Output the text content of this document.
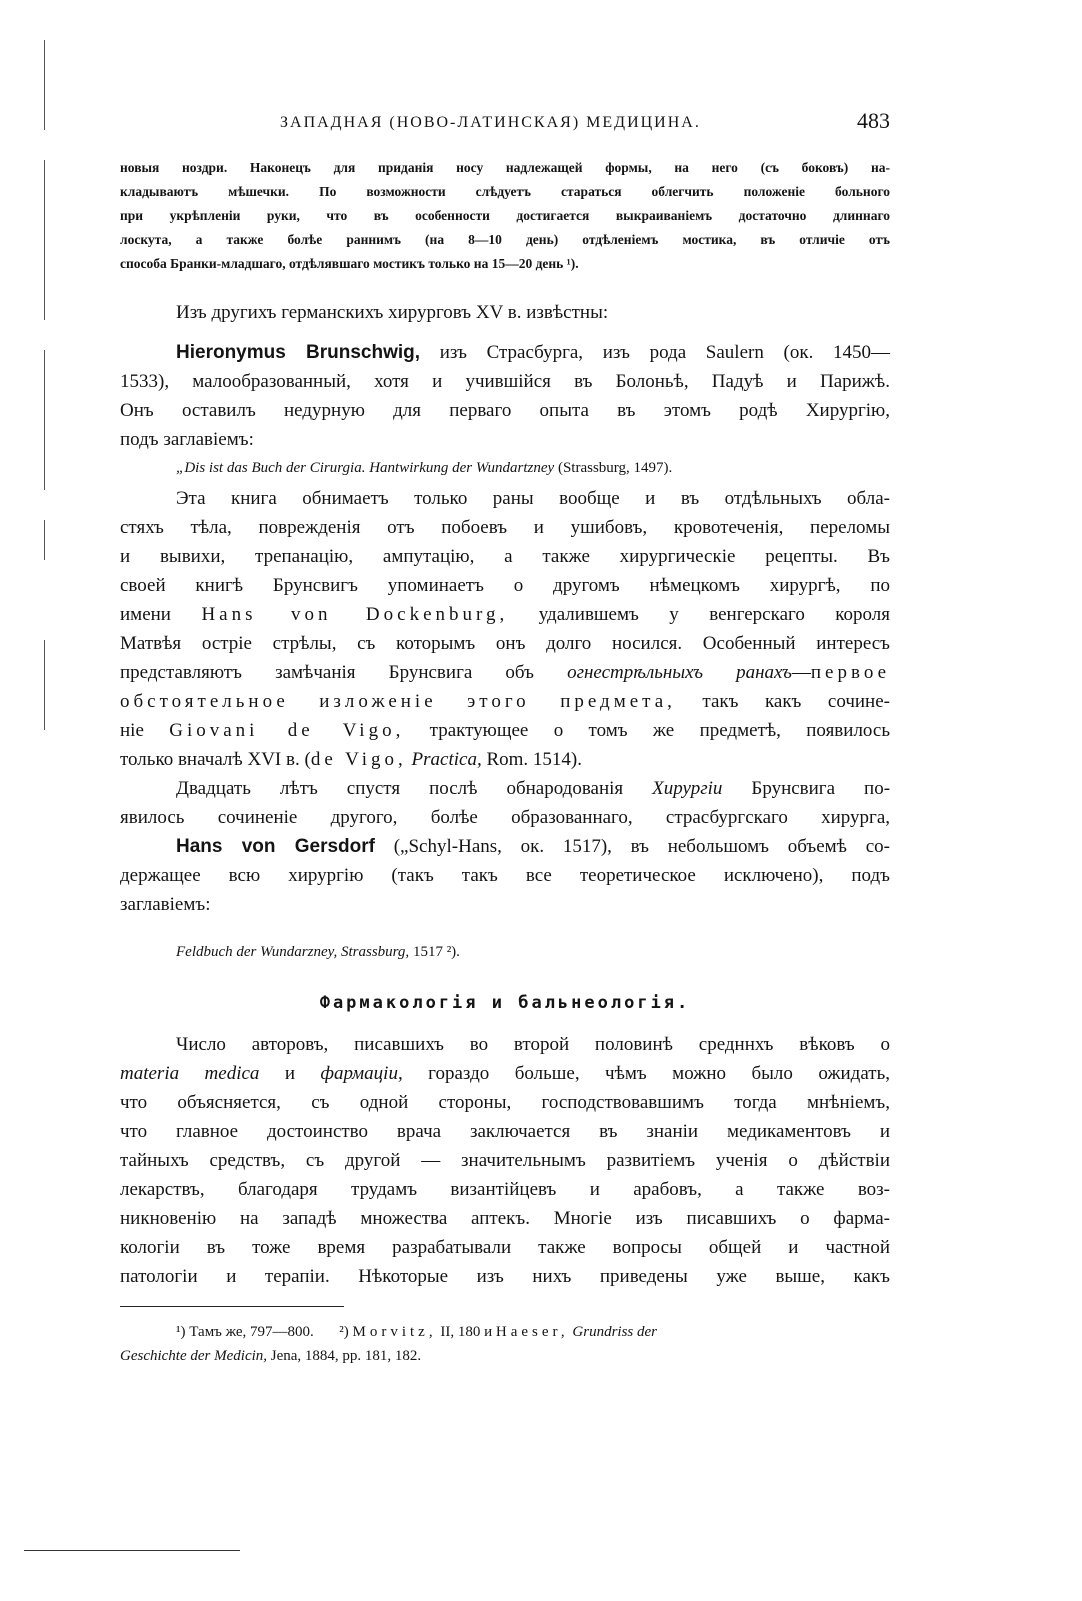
ЗАПАДНАЯ (НОВО-ЛАТИНСКАЯ) МЕДИЦИНА.	483
новыя ноздри. Наконецъ для приданія носу надлежащей формы, на него (съ боковъ) на-
кладываютъ мѣшечки. По возможности слѣдуетъ стараться облегчить положеніе больного
при укрѣпленіи руки, что въ особенности достигается выкраиваніемъ достаточно длиннаго
лоскута, а также болѣе раннимъ (на 8—10 день) отдѣленіемъ мостика, въ отличіе отъ
способа Бранки-младшаго, отдѣлявшаго мостикъ только на 15—20 день ¹).
Изъ другихъ германскихъ хирурговъ XV в. извѣстны:
Hieronymus Brunschwig, изъ Страсбурга, изъ рода Saulern (ок. 1450—
1533), малообразованный, хотя и учившійся въ Болоньѣ, Падуѣ и Парижѣ.
Онъ оставилъ недурную для перваго опыта въ этомъ родѣ Хирургію,
подъ заглавіемъ:
„Dis ist das Buch der Cirurgia. Hantwirkung der Wundartzney (Strassburg, 1497).
Эта книга обнимаетъ только раны вообще и въ отдѣльныхъ обла-
стяхъ тѣла, поврежденія отъ побоевъ и ушибовъ, кровотеченія, переломы
и вывихи, трепанацію, ампутацію, а также хирургическіе рецепты. Въ
своей книгѣ Брунсвигъ упоминаетъ о другомъ нѣмецкомъ хирургѣ, по
имени Hans von Dockenburg, удалившемъ у венгерскаго короля
Матвѣя остріе стрѣлы, съ которымъ онъ долго носился. Особенный интересъ
представляютъ замѣчанія Брунсвига объ огнестрѣльныхъ ранахъ—первое
обстоятельное изложеніе этого предмета, такъ какъ сочине-
ніе Giovani de Vigo, трактующее о томъ же предметѣ, появилось
только вначалѣ XVI в. (de Vigo, Practica, Rom. 1514).
Двадцать лѣтъ спустя послѣ обнародованія Хирургіи Брунсвига по-
явилось сочиненіе другого, болѣе образованнаго, страсбургскаго хирурга,
Hans von Gersdorf („Schyl-Hans, ок. 1517), въ небольшомъ объемѣ со-
держащее всю хирургію (такъ такъ все теоретическое исключено), подъ
заглавіемъ:
Feldbuch der Wundarzney, Strassburg, 1517 ²).
Фармакологія и бальнеологія.
Число авторовъ, писавшихъ во второй половинѣ средннхъ вѣковъ о
materia medica и фармаціи, гораздо больше, чѣмъ можно было ожидать,
что объясняется, съ одной стороны, господствовавшимъ тогда мнѣніемъ,
что главное достоинство врача заключается въ знаніи медикаментовъ и
тайныхъ средствъ, съ другой — значительнымъ развитіемъ ученія о дѣйствіи
лекарствъ, благодаря трудамъ византійцевъ и арабовъ, а также воз-
никновенію на западѣ множества аптекъ. Многіе изъ писавшихъ о фарма-
кологіи въ тоже время разрабатывали также вопросы общей и частной
патологіи и терапіи. Нѣкоторые изъ нихъ приведены уже выше, какъ
¹) Тамъ же, 797—800. ²) Morvitz, II, 180 и Haeser, Grundriss der
Geschichte der Medicin, Jena, 1884, pp. 181, 182.
